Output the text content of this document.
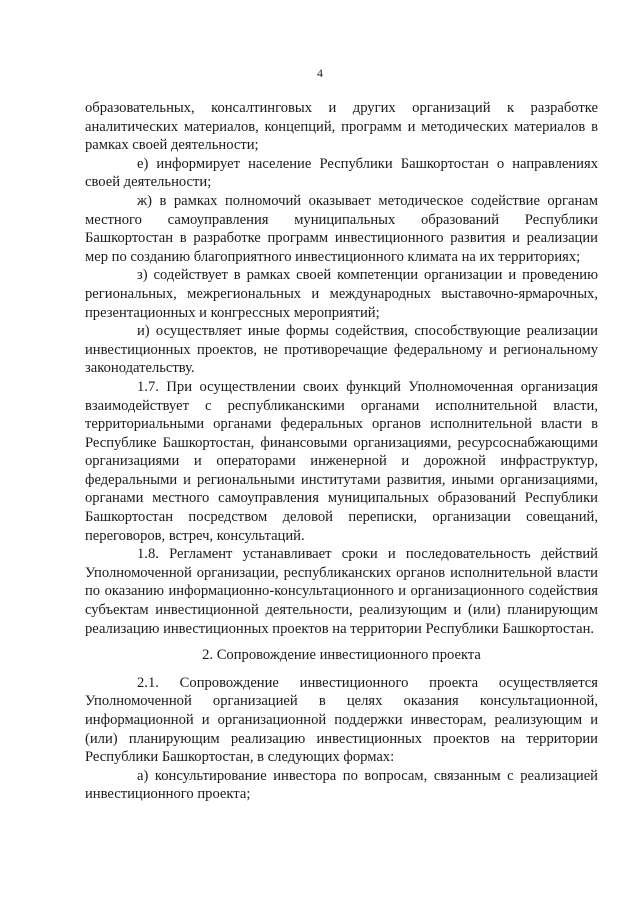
4

образовательных, консалтинговых и других организаций к разработке аналитических материалов, концепций, программ и методических материалов в рамках своей деятельности;

е) информирует население Республики Башкортостан о направлениях своей деятельности;

ж) в рамках полномочий оказывает методическое содействие органам местного самоуправления муниципальных образований Республики Башкортостан в разработке программ инвестиционного развития и реализации мер по созданию благоприятного инвестиционного климата на их территориях;

з) содействует в рамках своей компетенции организации и проведению региональных, межрегиональных и международных выставочно-ярмарочных, презентационных и конгрессных мероприятий;

и) осуществляет иные формы содействия, способствующие реализации инвестиционных проектов, не противоречащие федеральному и региональному законодательству.

1.7. При осуществлении своих функций Уполномоченная организация взаимодействует с республиканскими органами исполнительной власти, территориальными органами федеральных органов исполнительной власти в Республике Башкортостан, финансовыми организациями, ресурсоснабжающими организациями и операторами инженерной и дорожной инфраструктур, федеральными и региональными институтами развития, иными организациями, органами местного самоуправления муниципальных образований Республики Башкортостан посредством деловой переписки, организации совещаний, переговоров, встреч, консультаций.

1.8. Регламент устанавливает сроки и последовательность действий Уполномоченной организации, республиканских органов исполнительной власти по оказанию информационно-консультационного и организационного содействия субъектам инвестиционной деятельности, реализующим и (или) планирующим реализацию инвестиционных проектов на территории Республики Башкортостан.

2. Сопровождение инвестиционного проекта

2.1. Сопровождение инвестиционного проекта осуществляется Уполномоченной организацией в целях оказания консультационной, информационной и организационной поддержки инвесторам, реализующим и (или) планирующим реализацию инвестиционных проектов на территории Республики Башкортостан, в следующих формах:

а) консультирование инвестора по вопросам, связанным с реализацией инвестиционного проекта;
